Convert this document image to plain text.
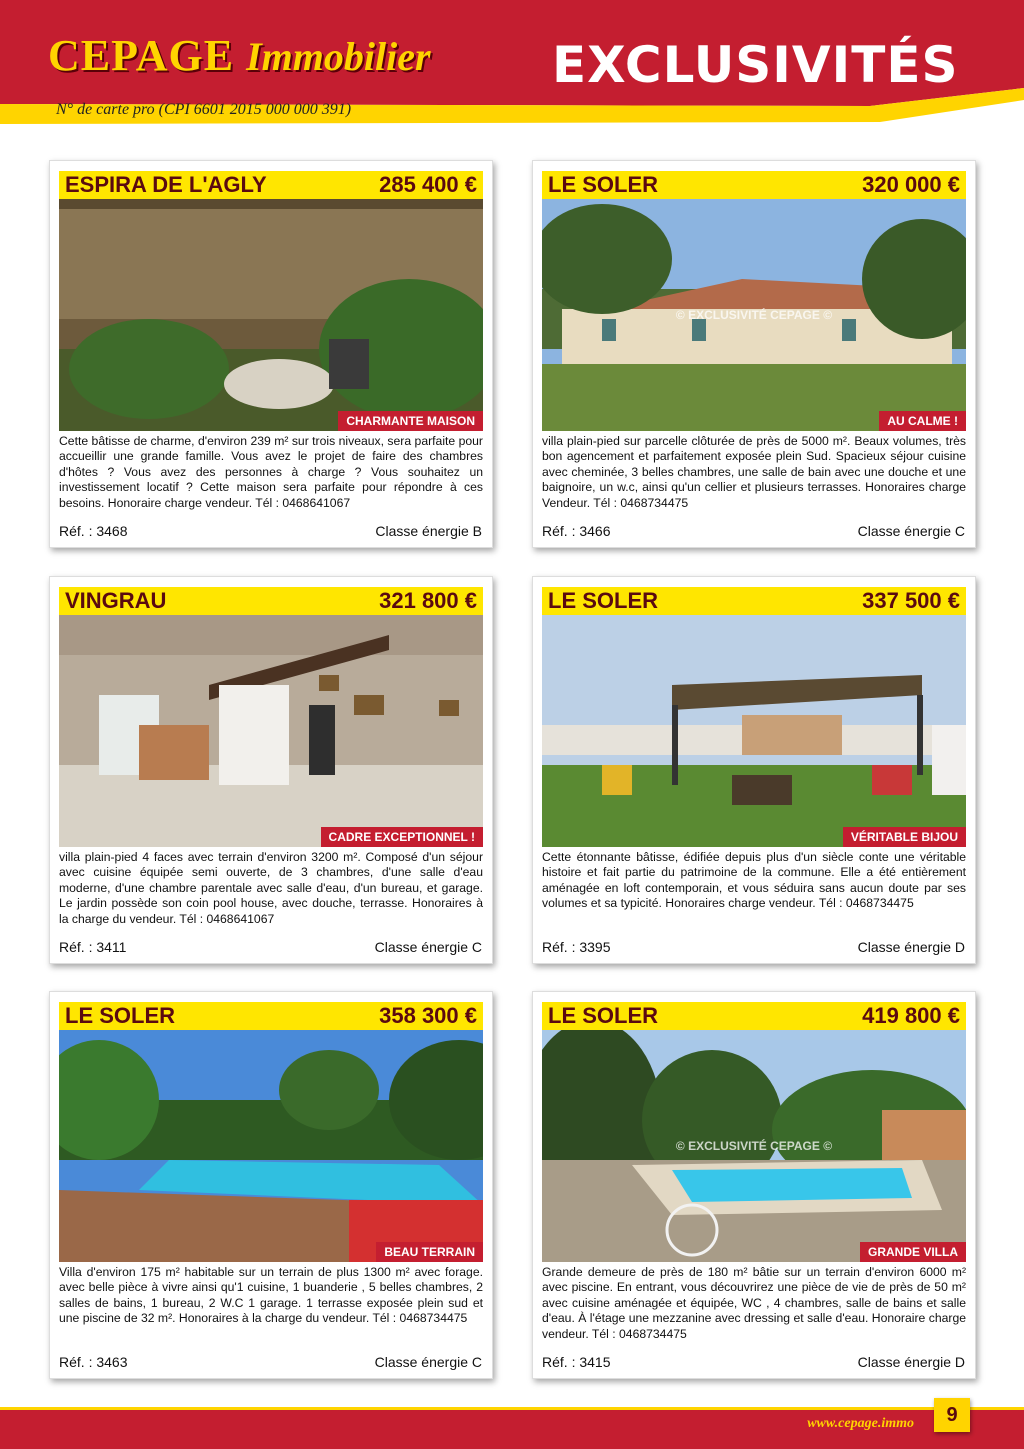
CEPAGE Immobilier EXCLUSIVITÉS
N° de carte pro (CPI 6601 2015 000 000 391)
ESPIRA DE L'AGLY	285 400 €
CHARMANTE MAISON
Cette bâtisse de charme, d'environ 239 m² sur trois niveaux, sera parfaite pour accueillir une grande famille. Vous avez le projet de faire des chambres d'hôtes ? Vous avez des personnes à charge ? Vous souhaitez un investissement locatif ? Cette maison sera parfaite pour répondre à ces besoins. Honoraire charge vendeur. Tél : 0468641067
Réf. : 3468	Classe énergie B
LE SOLER	320 000 €
© EXCLUSIVITÉ CEPAGE ©
AU CALME !
villa plain-pied sur parcelle clôturée de près de 5000 m². Beaux volumes, très bon agencement et parfaitement exposée plein Sud. Spacieux séjour cuisine avec cheminée, 3 belles chambres, une salle de bain avec une douche et une baignoire, un w.c, ainsi qu'un cellier et plusieurs terrasses. Honoraires charge Vendeur. Tél : 0468734475
Réf. : 3466	Classe énergie C
VINGRAU	321 800 €
CADRE EXCEPTIONNEL !
villa plain-pied 4 faces avec terrain d'environ 3200 m². Composé d'un séjour avec cuisine équipée semi ouverte, de 3 chambres, d'une salle d'eau moderne, d'une chambre parentale avec salle d'eau, d'un bureau, et garage. Le jardin possède son coin pool house, avec douche, terrasse. Honoraires à la charge du vendeur. Tél : 0468641067
Réf. : 3411	Classe énergie C
LE SOLER	337 500 €
VÉRITABLE BIJOU
Cette étonnante bâtisse, édifiée depuis plus d'un siècle conte une véritable histoire et fait partie du patrimoine de la commune. Elle a été entièrement aménagée en loft contemporain, et vous séduira sans aucun doute par ses volumes et sa typicité. Honoraires charge vendeur. Tél : 0468734475
Réf. : 3395	Classe énergie D
LE SOLER	358 300 €
BEAU TERRAIN
Villa d'environ 175 m² habitable sur un terrain de plus 1300 m² avec forage. avec belle pièce à vivre ainsi qu'1 cuisine, 1 buanderie , 5 belles chambres, 2 salles de bains, 1 bureau, 2 W.C 1 garage. 1 terrasse exposée plein sud et une piscine de 32 m². Honoraires à la charge du vendeur. Tél : 0468734475
Réf. : 3463	Classe énergie C
LE SOLER	419 800 €
© EXCLUSIVITÉ CEPAGE ©
GRANDE VILLA
Grande demeure de près de 180 m² bâtie sur un terrain d'environ 6000 m² avec piscine. En entrant, vous découvrirez une pièce de vie de près de 50 m² avec cuisine aménagée et équipée, WC , 4 chambres, salle de bains et salle d'eau. À l'étage une mezzanine avec dressing et salle d'eau. Honoraire charge vendeur. Tél : 0468734475
Réf. : 3415	Classe énergie D
www.cepage.immo	9
